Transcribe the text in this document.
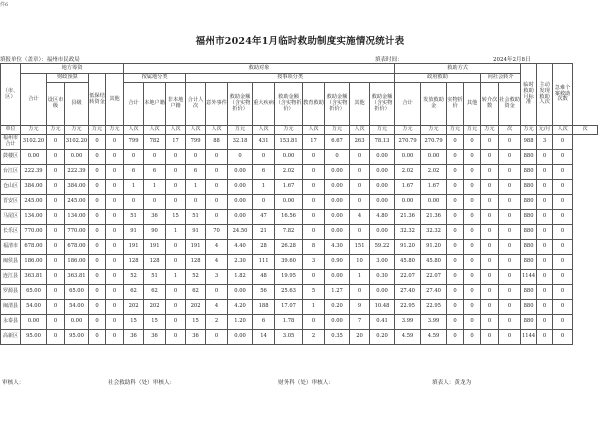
件6
福州市2024年1月临时救助制度实施情况统计表
填报单位（盖章）：福州市民政局	填表时间：	2024年2月8日
（市、区）	地方筹资					救助对象												救助方式						临时救助月标准	主动发现救助人次	急难个案救助次数	
	合计	财政预算		低保结转资金	其他	按属地分类			按事项分类									政府救助				问社会转介					
																		合计	发放救助金	实物折价	其他	转介次数	社会救助资金				
		设区市级	县级			合计	本地户籍	非本地户籍	合计人次	意外事件	救助金额（含实物折价）	重大疾病	救助金额（含实物折价）	教育救助	救助金额（含实物折价）	其他	救助金额（含实物折价）										
单位	万元	万元	万元	万元	万元	人次	人次	人次	人次	人次	万元	人次	万元	人次	万元	人次	万元	万元	万元	万元	万元	万元	次	万元	元/月	人次	次
福州市合计	3102.20	0	3102.20	0	0	799	782	17	799	88	32.18	431	153.81	17	6.67	263	78.13	270.79	270.79	0	0	0	0	988	3	0	
鼓楼区	0.00	0	0.00	0	0	0	0	0	0	0	0	0	0.00	0	0	0	0.00	0.00	0.00	0	0	0	0	880	0	0	
台江区	222.39	0	222.39	0	0	6	6	0	6	0	0.00	6	2.02	0	0.00	0	0.00	2.02	2.02	0	0	0	0	880	0	0	
仓山区	384.00	0	384.00	0	0	1	1	0	1	0	0.00	1	1.67	0	0.00	0	0.00	1.67	1.67	0	0	0	0	880	0	0	
晋安区	245.00	0	245.00	0	0	0	0	0	0	0	0.00	0	0.00	0	0.00	0	0.00	0.00	0.00	0	0	0	0	880	0	0	
马尾区	134.00	0	134.00	0	0	51	36	15	51	0	0.00	47	16.56	0	0.00	4	4.80	21.36	21.36	0	0	0	0	880	0	0	
长乐区	770.00	0	770.00	0	0	91	90	1	91	70	24.50	21	7.82	0	0.00	0	0.00	32.32	32.32	0	0	0	0	880	0	0	
福清市	678.00	0	678.00	0	0	191	191	0	191	4	4.40	28	26.28	8	4.30	151	59.22	91.20	91.20	0	0	0	0	880	0	0	
闽侯县	186.00	0	186.00	0	0	128	128	0	128	4	2.30	111	39.60	3	0.90	10	3.00	45.80	45.80	0	0	0	0	880	0	0	
连江县	363.81	0	363.81	0	0	52	51	1	52	3	1.82	48	19.95	0	0.00	1	0.30	22.07	22.07	0	0	0	0	1144	0	0	
罗源县	65.00	0	65.00	0	0	62	62	0	62	0	0.00	56	25.63	5	1.27	0	0.00	27.40	27.40	0	0	0	0	880	0	0	
闽清县	54.00	0	54.00	0	0	202	202	0	202	4	4.20	188	17.07	1	0.20	9	10.48	22.95	22.95	0	0	0	0	880	0	0	
永泰县	0.00	0	0.00	0	0	15	15	0	15	2	1.20	6	1.78	0	0.00	7	0.41	3.99	3.99	0	0	0	0	880	0	0	
高新区	95.00	0	95.00	0	0	36	36	0	36	0	0.00	14	3.05	2	0.35	20	0.20	4.59	4.59	0	0	0	0	1144	0	0	
审核人：	社会救助科（处）审核人：	财务科（处）审核人：	填表人：黄龙为
